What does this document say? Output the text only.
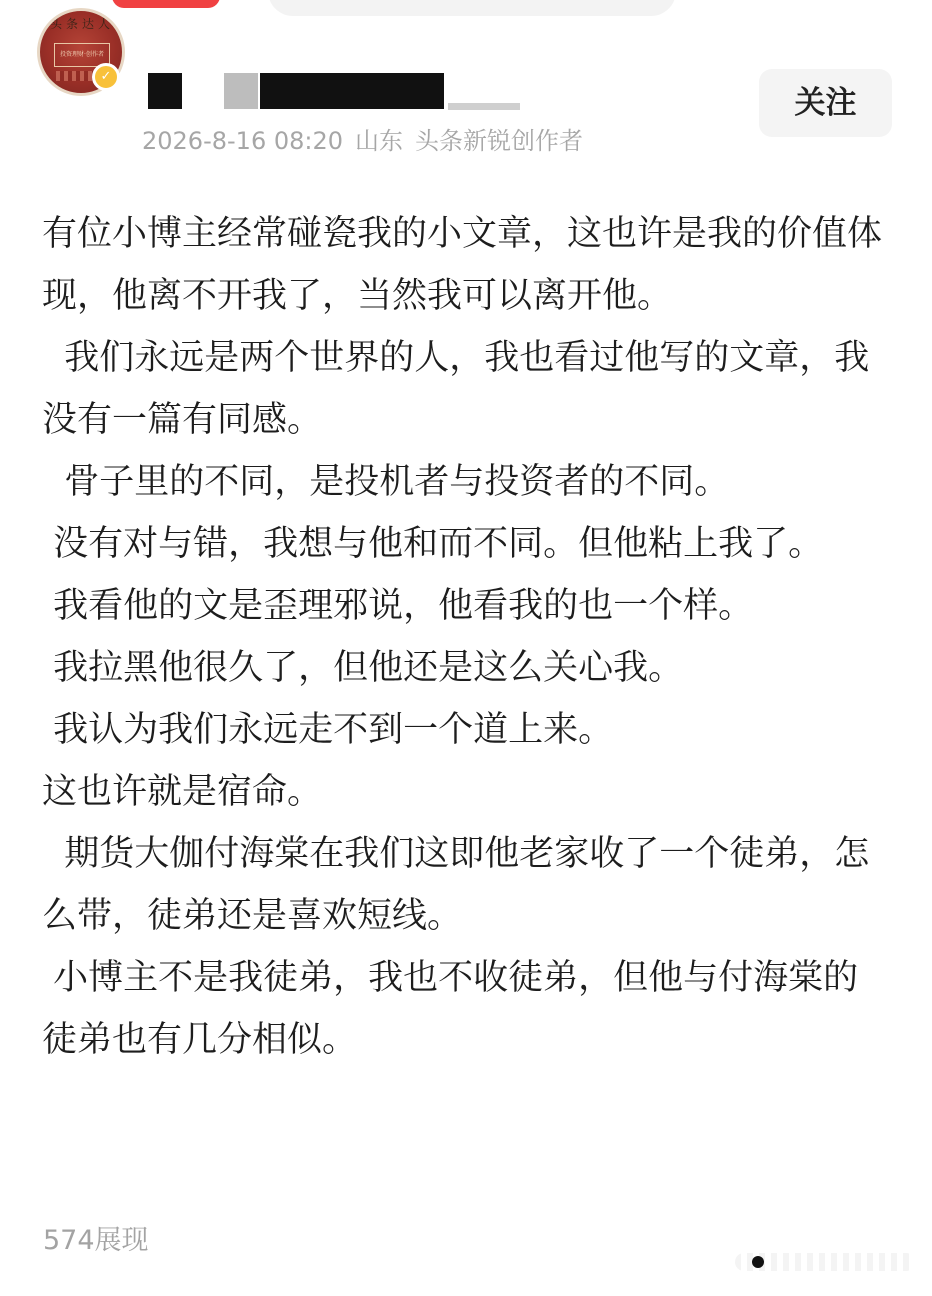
头条达人
投资理财·创作者
✓
2026-8-16 08:20 山东 头条新锐创作者
关注

有位小博主经常碰瓷我的小文章，这也许是我的价值体现，他离不开我了，当然我可以离开他。

我们永远是两个世界的人，我也看过他写的文章，我没有一篇有同感。

骨子里的不同，是投机者与投资者的不同。

没有对与错，我想与他和而不同。但他粘上我了。

我看他的文是歪理邪说，他看我的也一个样。

我拉黑他很久了，但他还是这么关心我。

我认为我们永远走不到一个道上来。

这也许就是宿命。

期货大伽付海棠在我们这即他老家收了一个徒弟，怎么带，徒弟还是喜欢短线。

小博主不是我徒弟，我也不收徒弟，但他与付海棠的徒弟也有几分相似。

574展现
